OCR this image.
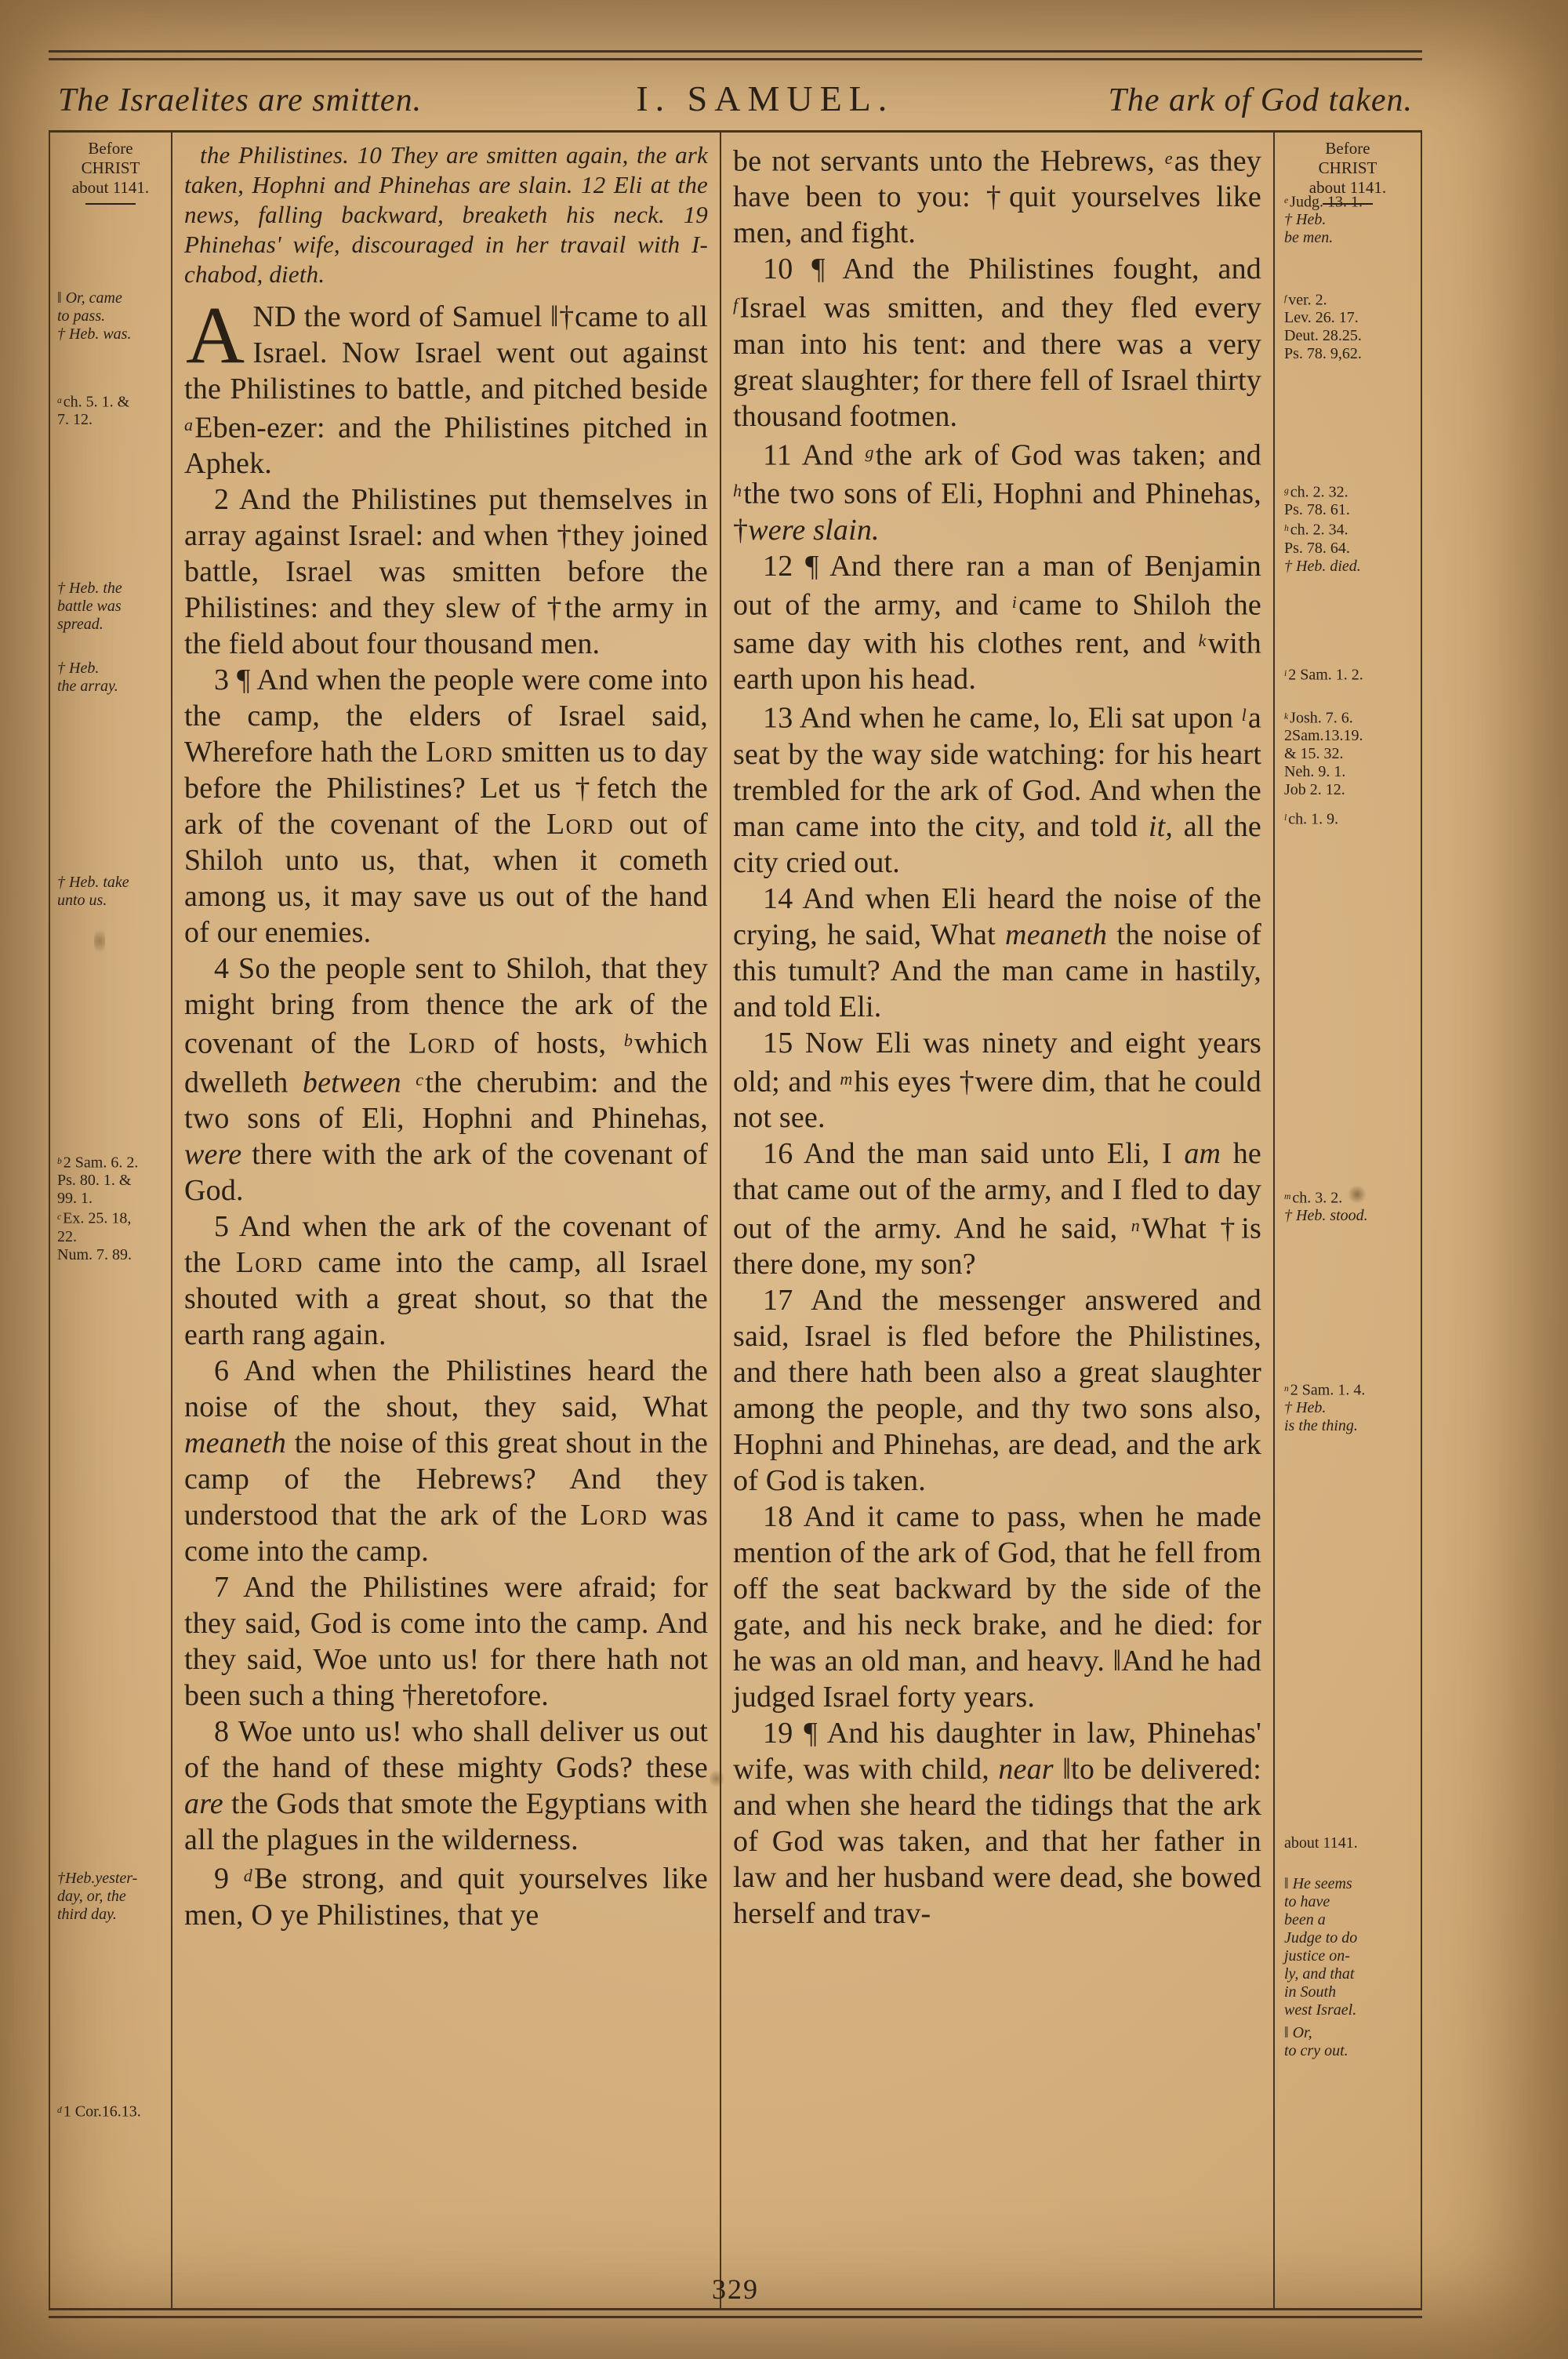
The Israelites are smitten.	I. SAMUEL.	The ark of God taken.
Before
CHRIST
about 1141.
‖ Or, came
to pass.
† Heb. was.
$^a$ ch. 5. 1. &
7. 12.
† Heb. the
battle was
spread.
† Heb.
the array.
† Heb. take
unto us.
$^b$ 2 Sam. 6. 2.
Ps. 80. 1. &
99. 1.
$^c$ Ex. 25. 18,
22.
Num. 7. 89.
†Heb.yester-
day, or, the
third day.
$^d$ 1 Cor.16.13.

the Philistines. 10 They are smitten again, the ark taken, Hophni and Phinehas are slain. 12 Eli at the news, falling backward, breaketh his neck. 19 Phinehas' wife, discouraged in her travail with I-chabod, dieth.

AND the word of Samuel ‖†came to all Israel. Now Israel went out against the Philistines to battle, and pitched beside $^a$Eben-ezer: and the Philistines pitched in Aphek.

2 And the Philistines put themselves in array against Israel: and when †they joined battle, Israel was smitten before the Philistines: and they slew of †the army in the field about four thousand men.

3 ¶ And when the people were come into the camp, the elders of Israel said, Wherefore hath the Lord smitten us to day before the Philistines? Let us †fetch the ark of the covenant of the Lord out of Shiloh unto us, that, when it cometh among us, it may save us out of the hand of our enemies.

4 So the people sent to Shiloh, that they might bring from thence the ark of the covenant of the Lord of hosts, $^b$which dwelleth between $^c$the cherubim: and the two sons of Eli, Hophni and Phinehas, were there with the ark of the covenant of God.

5 And when the ark of the covenant of the Lord came into the camp, all Israel shouted with a great shout, so that the earth rang again.

6 And when the Philistines heard the noise of the shout, they said, What meaneth the noise of this great shout in the camp of the Hebrews? And they understood that the ark of the Lord was come into the camp.

7 And the Philistines were afraid; for they said, God is come into the camp. And they said, Woe unto us! for there hath not been such a thing †heretofore.

8 Woe unto us! who shall deliver us out of the hand of these mighty Gods? these are the Gods that smote the Egyptians with all the plagues in the wilderness.

9 $^d$Be strong, and quit yourselves like men, O ye Philistines, that ye

be not servants unto the Hebrews, $^e$as they have been to you: †quit yourselves like men, and fight.

10 ¶ And the Philistines fought, and $^f$Israel was smitten, and they fled every man into his tent: and there was a very great slaughter; for there fell of Israel thirty thousand footmen.

11 And $^g$the ark of God was taken; and $^h$the two sons of Eli, Hophni and Phinehas, †were slain.

12 ¶ And there ran a man of Benjamin out of the army, and $^i$came to Shiloh the same day with his clothes rent, and $^k$with earth upon his head.

13 And when he came, lo, Eli sat upon $^l$a seat by the way side watching: for his heart trembled for the ark of God. And when the man came into the city, and told it, all the city cried out.

14 And when Eli heard the noise of the crying, he said, What meaneth the noise of this tumult? And the man came in hastily, and told Eli.

15 Now Eli was ninety and eight years old; and $^m$his eyes †were dim, that he could not see.

16 And the man said unto Eli, I am he that came out of the army, and I fled to day out of the army. And he said, $^n$What †is there done, my son?

17 And the messenger answered and said, Israel is fled before the Philistines, and there hath been also a great slaughter among the people, and thy two sons also, Hophni and Phinehas, are dead, and the ark of God is taken.

18 And it came to pass, when he made mention of the ark of God, that he fell from off the seat backward by the side of the gate, and his neck brake, and he died: for he was an old man, and heavy. ‖And he had judged Israel forty years.

19 ¶ And his daughter in law, Phinehas' wife, was with child, near ‖to be delivered: and when she heard the tidings that the ark of God was taken, and that her father in law and her husband were dead, she bowed herself and trav-

Before
CHRIST
about 1141.
$^e$ Judg. 13. 1.
† Heb.
be men.
$^f$ ver. 2.
Lev. 26. 17.
Deut. 28.25.
Ps. 78. 9,62.
$^g$ ch. 2. 32.
Ps. 78. 61.
$^h$ ch. 2. 34.
Ps. 78. 64.
† Heb. died.
$^i$ 2 Sam. 1. 2.
$^k$ Josh. 7. 6.
2Sam.13.19.
& 15. 32.
Neh. 9. 1.
Job 2. 12.
$^l$ ch. 1. 9.
$^m$ ch. 3. 2.
† Heb. stood.
$^n$ 2 Sam. 1. 4.
† Heb.
is the thing.
about 1141.
‖ He seems
to have
been a
Judge to do
justice on-
ly, and that
in South
west Israel.
‖ Or,
to cry out.
329
